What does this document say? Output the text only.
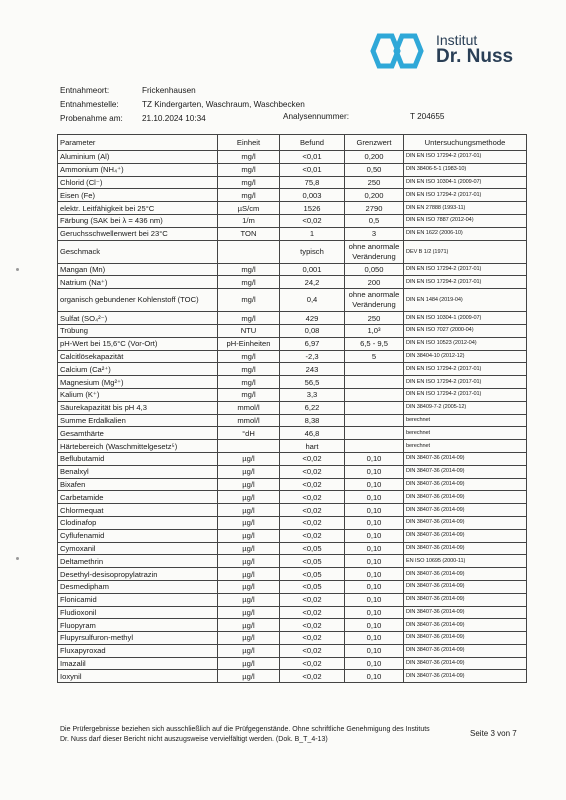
Institut
Dr. Nuss
Entnahmeort:	Frickenhausen
Entnahmestelle:	TZ Kindergarten, Waschraum, Waschbecken
Probenahme am: 21.10.2024 10:34	Analysennummer:	T 204655
Parameter	Einheit	Befund	Grenzwert	Untersuchungsmethode
Aluminium (Al)	mg/l	<0,01	0,200	DIN EN ISO 17294-2 (2017-01)
Ammonium (NH₄⁺)	mg/l	<0,01	0,50	DIN 38406-5-1 (1983-10)
Chlorid (Cl⁻)	mg/l	75,8	250	DIN EN ISO 10304-1 (2009-07)
Eisen (Fe)	mg/l	0,003	0,200	DIN EN ISO 17294-2 (2017-01)
elektr. Leitfähigkeit bei 25°C	µS/cm	1526	2790	DIN EN 27888 (1993-11)
Färbung (SAK bei λ = 436 nm)	1/m	<0,02	0,5	DIN EN ISO 7887 (2012-04)
Geruchsschwellenwert bei 23°C	TON	1	3	DIN EN 1622 (2006-10)
Geschmack		typisch	ohne anormale Veränderung	DEV B 1/2 (1971)
Mangan (Mn)	mg/l	0,001	0,050	DIN EN ISO 17294-2 (2017-01)
Natrium (Na⁺)	mg/l	24,2	200	DIN EN ISO 17294-2 (2017-01)
organisch gebundener Kohlenstoff (TOC)	mg/l	0,4	ohne anormale Veränderung	DIN EN 1484 (2019-04)
Sulfat (SO₄²⁻)	mg/l	429	250	DIN EN ISO 10304-1 (2009-07)
Trübung	NTU	0,08	1,0³	DIN EN ISO 7027 (2000-04)
pH-Wert bei 15,6°C (Vor-Ort)	pH-Einheiten	6,97	6,5 - 9,5	DIN EN ISO 10523 (2012-04)
Calcitlösekapazität	mg/l	-2,3	5	DIN 38404-10 (2012-12)
Calcium (Ca²⁺)	mg/l	243		DIN EN ISO 17294-2 (2017-01)
Magnesium (Mg²⁺)	mg/l	56,5		DIN EN ISO 17294-2 (2017-01)
Kalium (K⁺)	mg/l	3,3		DIN EN ISO 17294-2 (2017-01)
Säurekapazität bis pH 4,3	mmol/l	6,22		DIN 38409-7-2 (2005-12)
Summe Erdalkalien	mmol/l	8,38		berechnet
Gesamthärte	°dH	46,8		berechnet
Härtebereich (Waschmittelgesetz⁵)		hart		berechnet
Beflubutamid	µg/l	<0,02	0,10	DIN 38407-36 (2014-09)
Benalxyl	µg/l	<0,02	0,10	DIN 38407-36 (2014-09)
Bixafen	µg/l	<0,02	0,10	DIN 38407-36 (2014-09)
Carbetamide	µg/l	<0,02	0,10	DIN 38407-36 (2014-09)
Chlormequat	µg/l	<0,02	0,10	DIN 38407-36 (2014-09)
Clodinafop	µg/l	<0,02	0,10	DIN 38407-36 (2014-09)
Cyflufenamid	µg/l	<0,02	0,10	DIN 38407-36 (2014-09)
Cymoxanil	µg/l	<0,05	0,10	DIN 38407-36 (2014-09)
Deltamethrin	µg/l	<0,05	0,10	EN ISO 10695 (2000-11)
Desethyl-desisopropylatrazin	µg/l	<0,05	0,10	DIN 38407-36 (2014-09)
Desmedipham	µg/l	<0,05	0,10	DIN 38407-36 (2014-09)
Flonicamid	µg/l	<0,02	0,10	DIN 38407-36 (2014-09)
Fludioxonil	µg/l	<0,02	0,10	DIN 38407-36 (2014-09)
Fluopyram	µg/l	<0,02	0,10	DIN 38407-36 (2014-09)
Flupyrsulfuron-methyl	µg/l	<0,02	0,10	DIN 38407-36 (2014-09)
Fluxapyroxad	µg/l	<0,02	0,10	DIN 38407-36 (2014-09)
Imazalil	µg/l	<0,02	0,10	DIN 38407-36 (2014-09)
Ioxynil	µg/l	<0,02	0,10	DIN 38407-36 (2014-09)
Die Prüfergebnisse beziehen sich ausschließlich auf die Prüfgegenstände. Ohne schriftliche Genehmigung des Instituts Dr. Nuss darf dieser Bericht nicht auszugsweise vervielfältigt werden. (Dok. B_T_4-13)
Seite 3 von 7
